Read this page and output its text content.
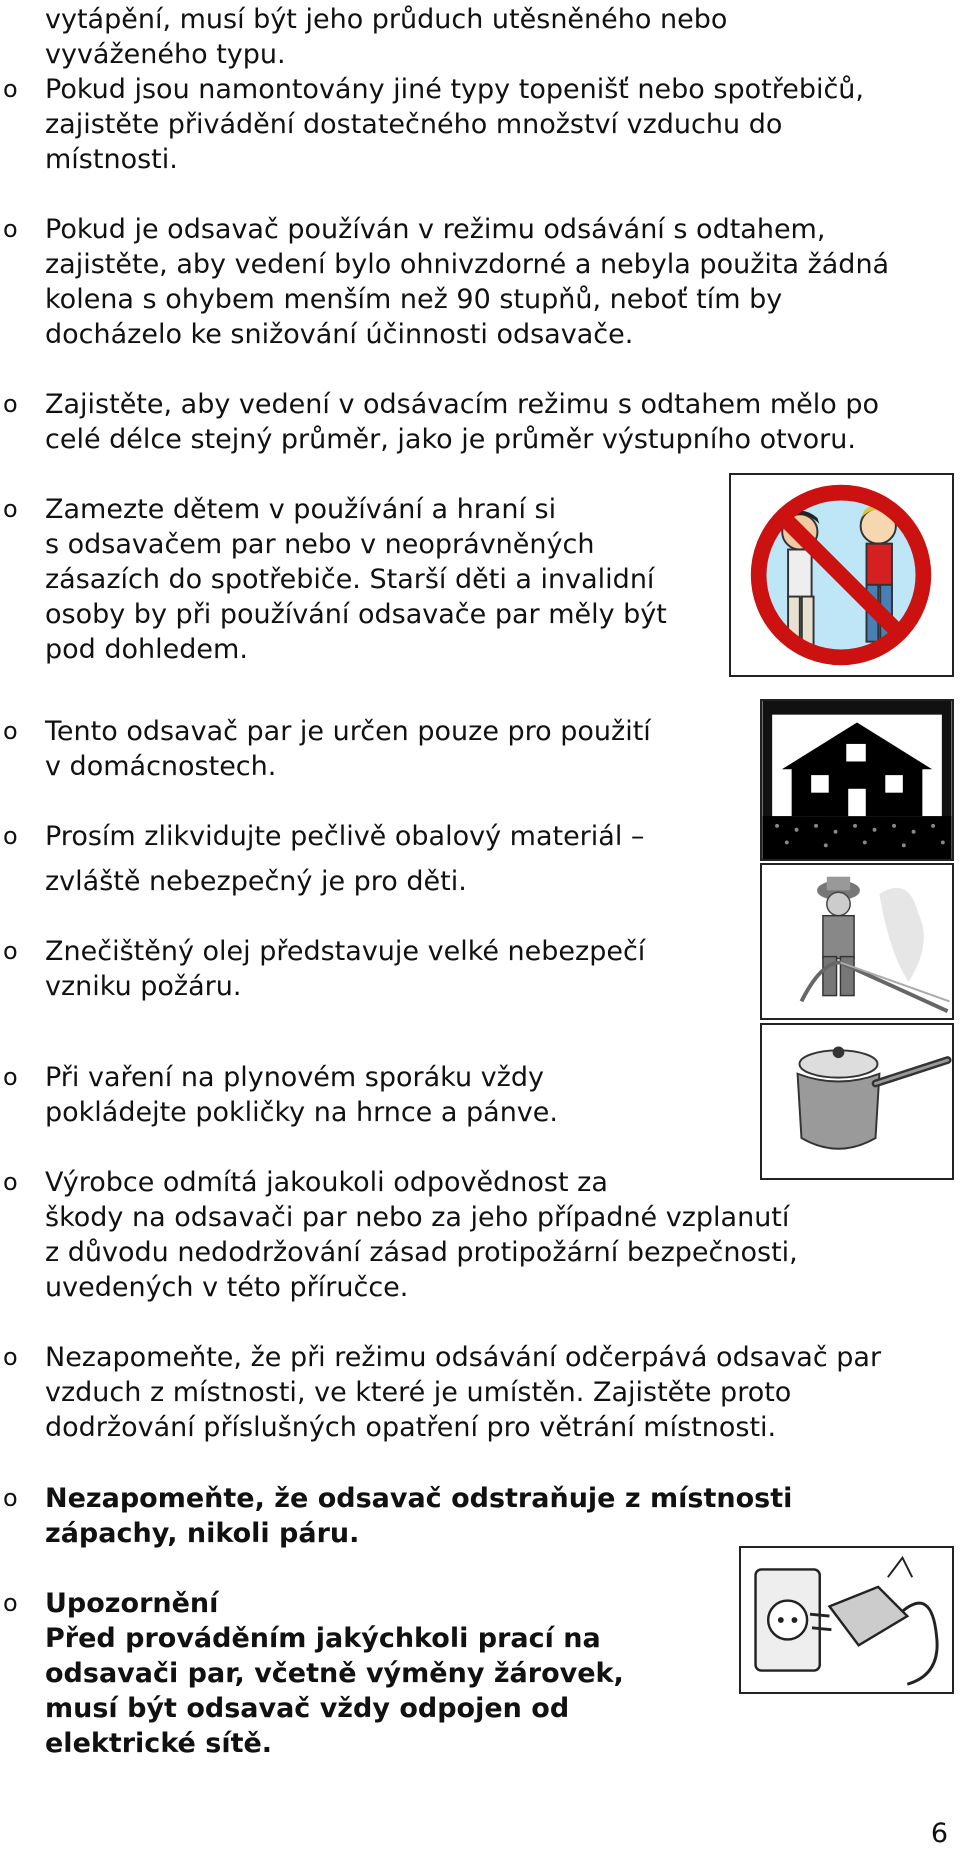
vytápění, musí být jeho průduch utěsněného nebo
vyváženého typu.
o Pokud jsou namontovány jiné typy topenišť nebo spotřebičů,
zajistěte přivádění dostatečného množství vzduchu do
místnosti.
o Pokud je odsavač používán v režimu odsávání s odtahem,
zajistěte, aby vedení bylo ohnivzdorné a nebyla použita žádná
kolena s ohybem menším než 90 stupňů, neboť tím by
docházelo ke snižování účinnosti odsavače.
o Zajistěte, aby vedení v odsávacím režimu s odtahem mělo po
celé délce stejný průměr, jako je průměr výstupního otvoru.
o Zamezte dětem v používání a hraní si
s odsavačem par nebo v neoprávněných
zásazích do spotřebiče. Starší děti a invalidní
osoby by při používání odsavače par měly být
pod dohledem.
o Tento odsavač par je určen pouze pro použití
v domácnostech.
o Prosím zlikvidujte pečlivě obalový materiál –
zvláště nebezpečný je pro děti.
o Znečištěný olej představuje velké nebezpečí
vzniku požáru.
o Při vaření na plynovém sporáku vždy
pokládejte pokličky na hrnce a pánve.
o Výrobce odmítá jakoukoli odpovědnost za
škody na odsavači par nebo za jeho případné vzplanutí
z důvodu nedodržování zásad protipožární bezpečnosti,
uvedených v této příručce.
o Nezapomeňte, že při režimu odsávání odčerpává odsavač par
vzduch z místnosti, ve které je umístěn. Zajistěte proto
dodržování příslušných opatření pro větrání místnosti.
o Nezapomeňte, že odsavač odstraňuje z místnosti
zápachy, nikoli páru.
o Upozornění
Před prováděním jakýchkoli prací na
odsavači par, včetně výměny žárovek,
musí být odsavač vždy odpojen od
elektrické sítě.
6
